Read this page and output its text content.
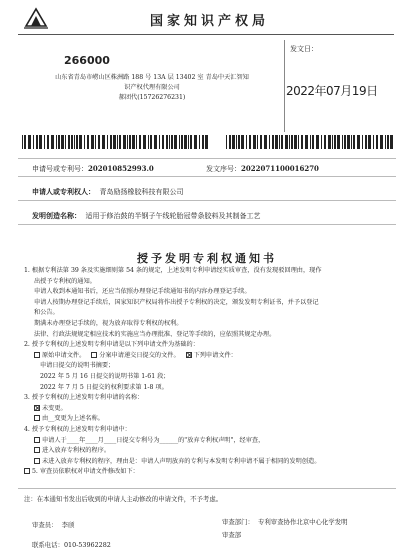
国家知识产权局
266000
山东省青岛市崂山区株洲路 188 号 13A 层 13402 室 青岛中天汇智知
识产权代理有限公司
郝团代(15726276231)
发文日：
2022年07月19日
申请号或专利号：202010852993.0	发文序号：2022071100016270
申请人或专利权人： 青岛励扬橡胶科技有限公司
发明创造名称： 适用于修治鼓的半钢子午线轮胎冠带条胶料及其制备工艺
授予发明专利权通知书

1. 根据专利法第 39 条及实施细则第 54 条的规定，上述发明专利申请经实质审查，没有发现驳回理由，现作

出授予专利权的通知。

申请人收到本通知书后，还应当依照办理登记手续通知书的内容办理登记手续。

申请人按期办理登记手续后，国家知识产权局将作出授予专利权的决定，颁发发明专利证书，并予以登记

和公告。

期满未办理登记手续的，视为放弃取得专利权的权利。

法律、行政法规规定相应技术的实施应当办理批准、登记等手续的，应依照其规定办理。

2. 授予专利权的上述发明专利申请是以下列申请文件为基础的：

原始申请文件。 分案申请递交日提交的文件。 下列申请文件：

申请日提交的说明书摘要；

2022 年 5 月 16 日提交的说明书第 1-61 段；

2022 年 7 月 5 日提交的权利要求第 1-8 项。

3. 授予专利权的上述发明专利申请的名称：

未变更。

由__变更为上述名称。

4. 授予专利权的上述发明专利申请中：

申请人于____年____月____日提交专利号为______的"放弃专利权声明"，经审查，

进入放弃专利权的程序。

未进入放弃专利权的程序，理由是：申请人声明放弃的专利与本发明专利申请不属于相同的发明创造。

5. 审查员依职权对申请文件修改如下：

注：在本通知书发出后收到的申请人主动修改的申请文件，不予考虑。
审查员： 李颀	审查部门： 专利审查协作北京中心化学发明
审查部
联系电话：010-53962282
